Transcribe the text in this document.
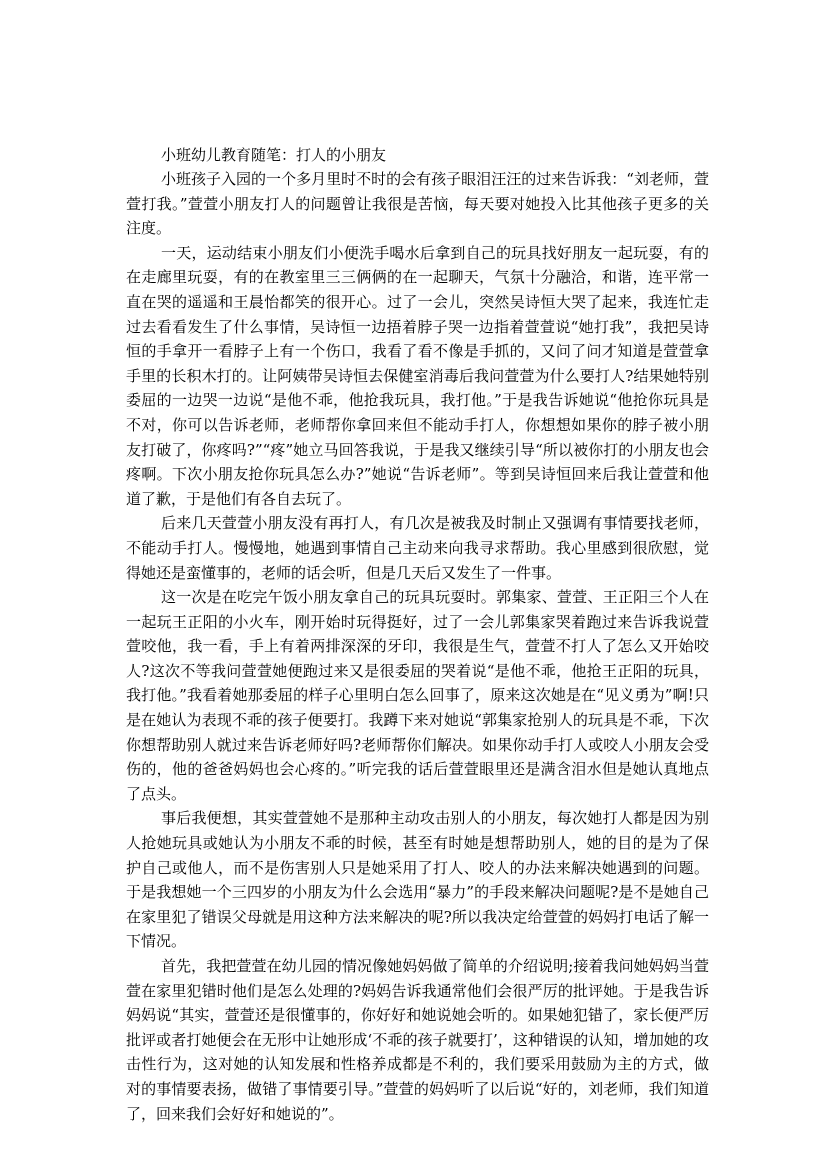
小班幼儿教育随笔：打人的小朋友

小班孩子入园的一个多月里时不时的会有孩子眼泪汪汪的过来告诉我：“刘老师，萱萱打我。”萱萱小朋友打人的问题曾让我很是苦恼，每天要对她投入比其他孩子更多的关注度。

一天，运动结束小朋友们小便洗手喝水后拿到自己的玩具找好朋友一起玩耍，有的在走廊里玩耍，有的在教室里三三俩俩的在一起聊天，气氛十分融洽，和谐，连平常一直在哭的遥遥和王晨怡都笑的很开心。过了一会儿，突然吴诗恒大哭了起来，我连忙走过去看看发生了什么事情，吴诗恒一边捂着脖子哭一边指着萱萱说“她打我”，我把吴诗恒的手拿开一看脖子上有一个伤口，我看了看不像是手抓的，又问了问才知道是萱萱拿手里的长积木打的。让阿姨带吴诗恒去保健室消毒后我问萱萱为什么要打人?结果她特别委屈的一边哭一边说“是他不乖，他抢我玩具，我打他。”于是我告诉她说“他抢你玩具是不对，你可以告诉老师，老师帮你拿回来但不能动手打人，你想想如果你的脖子被小朋友打破了，你疼吗?”“疼”她立马回答我说，于是我又继续引导“所以被你打的小朋友也会疼啊。下次小朋友抢你玩具怎么办?”她说“告诉老师”。等到吴诗恒回来后我让萱萱和他道了歉，于是他们有各自去玩了。

后来几天萱萱小朋友没有再打人，有几次是被我及时制止又强调有事情要找老师，不能动手打人。慢慢地，她遇到事情自己主动来向我寻求帮助。我心里感到很欣慰，觉得她还是蛮懂事的，老师的话会听，但是几天后又发生了一件事。

这一次是在吃完午饭小朋友拿自己的玩具玩耍时。郭集家、萱萱、王正阳三个人在一起玩王正阳的小火车，刚开始时玩得挺好，过了一会儿郭集家哭着跑过来告诉我说萱萱咬他，我一看，手上有着两排深深的牙印，我很是生气，萱萱不打人了怎么又开始咬人?这次不等我问萱萱她便跑过来又是很委屈的哭着说“是他不乖，他抢王正阳的玩具，我打他。”我看着她那委屈的样子心里明白怎么回事了，原来这次她是在“见义勇为”啊!只是在她认为表现不乖的孩子便要打。我蹲下来对她说“郭集家抢别人的玩具是不乖，下次你想帮助别人就过来告诉老师好吗?老师帮你们解决。如果你动手打人或咬人小朋友会受伤的，他的爸爸妈妈也会心疼的。”听完我的话后萱萱眼里还是满含泪水但是她认真地点了点头。

事后我便想，其实萱萱她不是那种主动攻击别人的小朋友，每次她打人都是因为别人抢她玩具或她认为小朋友不乖的时候，甚至有时她是想帮助别人，她的目的是为了保护自己或他人，而不是伤害别人只是她采用了打人、咬人的办法来解决她遇到的问题。于是我想她一个三四岁的小朋友为什么会选用“暴力”的手段来解决问题呢?是不是她自己在家里犯了错误父母就是用这种方法来解决的呢?所以我决定给萱萱的妈妈打电话了解一下情况。

首先，我把萱萱在幼儿园的情况像她妈妈做了简单的介绍说明;接着我问她妈妈当萱萱在家里犯错时他们是怎么处理的?妈妈告诉我通常他们会很严厉的批评她。于是我告诉妈妈说“其实，萱萱还是很懂事的，你好好和她说她会听的。如果她犯错了，家长便严厉批评或者打她便会在无形中让她形成‘不乖的孩子就要打’，这种错误的认知，增加她的攻击性行为，这对她的认知发展和性格养成都是不利的，我们要采用鼓励为主的方式，做对的事情要表扬，做错了事情要引导。”萱萱的妈妈听了以后说“好的，刘老师，我们知道了，回来我们会好好和她说的”。
